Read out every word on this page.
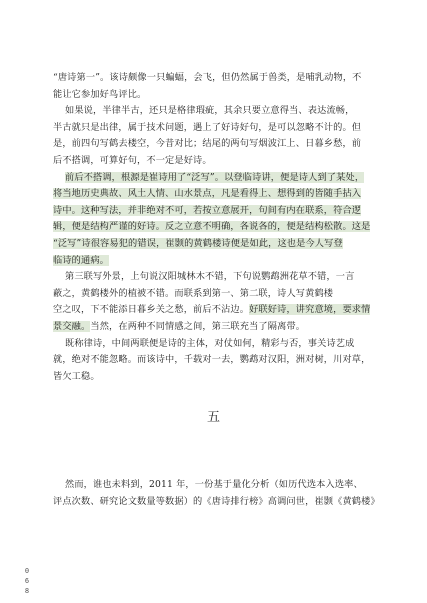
“唐诗第一”。该诗颇像一只蝙蝠，会飞，但仍然属于兽类，是哺乳动物，不
能让它参加好鸟评比。
如果说，半律半古，还只是格律瑕疵，其余只要立意得当、表达流畅，
半古就只是出律，属于技术问题，遇上了好诗好句，是可以忽略不计的。但
是，前四句写鹤去楼空，今昔对比；结尾的两句写烟波江上、日暮乡愁，前
后不搭调，可算好句，不一定是好诗。
前后不搭调，根源是崔诗用了“泛写”。以登临诗讲，便是诗人到了某处，
将当地历史典故、风土人情、山水景点，凡是看得上、想得到的皆随手拈入
诗中。这种写法，并非绝对不可，若按立意展开，句间有内在联系，符合逻
辑，便是结构严谨的好诗。反之立意不明确，各说各的，便是结构松散。这是
“泛写”诗很容易犯的错误，崔颢的黄鹤楼诗便是如此，这也是今人写登
临诗的通病。
第三联写外景，上句说汉阳城林木不错，下句说鹦鹉洲花草不错，一言
蔽之，黄鹤楼外的植被不错。而联系到第一、第二联，诗人写黄鹤楼
空之叹，下不能添日暮乡关之愁，前后不沾边。好联好诗，讲究意境，要求情
景交融。当然，在两种不同情感之间，第三联充当了隔离带。
既称律诗，中间两联便是诗的主体，对仗如何，精彩与否，事关诗艺成
就，绝对不能忽略。而该诗中，千载对一去，鹦鹉对汉阳，洲对树，川对草，
皆欠工稳。
然而，谁也未料到，2011 年，一份基于量化分析（如历代选本入选率、
评点次数、研究论文数量等数据）的《唐诗排行榜》高调问世，崔颢《黄鹤楼》
五
0
6
8
